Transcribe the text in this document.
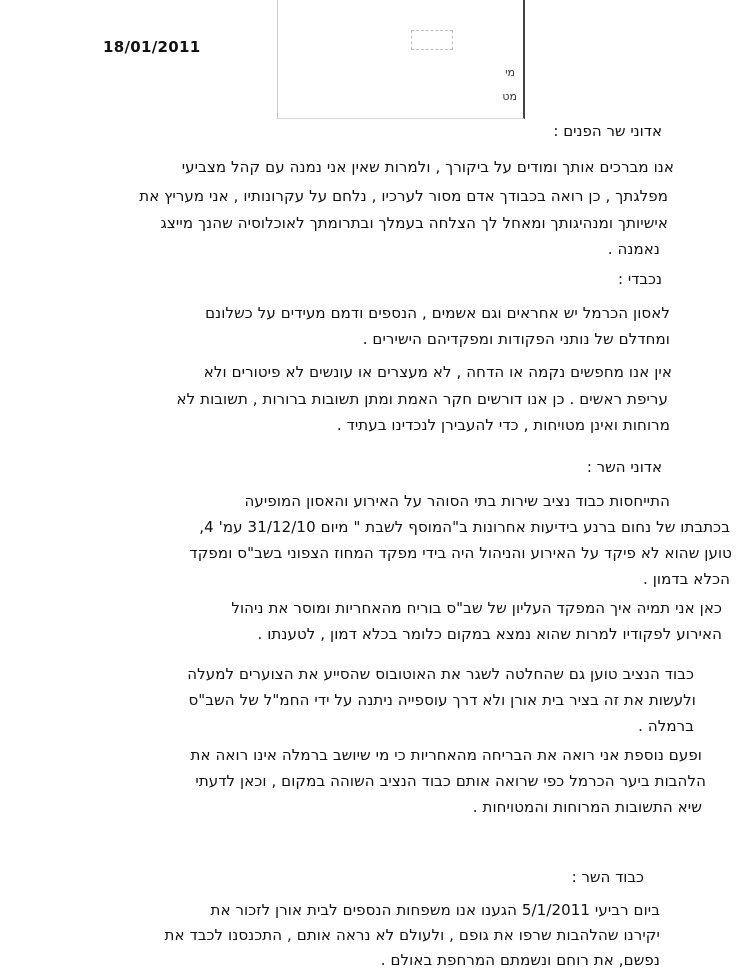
מי
מט
18/01/2011
אדוני שר הפנים :
אנו מברכים אותך ומודים על ביקורך , ולמרות שאין אני נמנה עם קהל מצביעי
מפלגתך , כן רואה בכבודך אדם מסור לערכיו , נלחם על עקרונותיו , אני מעריץ את
אישיותך ומנהיגותך ומאחל לך הצלחה בעמלך ובתרומתך לאוכלוסיה שהנך מייצג
נאמנה .
נכבדי :
לאסון הכרמל יש אחראים וגם אשמים , הנספים ודמם מעידים על כשלונם
ומחדלם של נותני הפקודות ומפקדיהם הישירים .
אין אנו מחפשים נקמה או הדחה , לא מעצרים או עונשים לא פיטורים ולא
עריפת ראשים . כן אנו דורשים חקר האמת ומתן תשובות ברורות , תשובות לא
מרוחות ואינן מטויחות , כדי להעבירן לנכדינו בעתיד .
אדוני השר :
התייחסות כבוד נציב שירות בתי הסוהר על האירוע והאסון המופיעה
בכתבתו של נחום ברנע בידיעות אחרונות ב"המוסף לשבת " מיום 31/12/10 עמ' 4,
טוען שהוא לא פיקד על האירוע והניהול היה בידי מפקד המחוז הצפוני בשב"ס ומפקד
הכלא בדמון .
כאן אני תמיה איך המפקד העליון של שב"ס בוריח מהאחריות ומוסר את ניהול
האירוע לפקודיו למרות שהוא נמצא במקום כלומר בכלא דמון , לטענתו .
כבוד הנציב טוען גם שהחלטה לשגר את האוטובוס שהסייע את הצוערים למעלה
ולעשות את זה בציר בית אורן ולא דרך עוספייה ניתנה על ידי החמ"ל של השב"ס
ברמלה .
ופעם נוספת אני רואה את הבריחה מהאחריות כי מי שיושב ברמלה אינו רואה את
הלהבות ביער הכרמל כפי שרואה אותם כבוד הנציב השוהה במקום , וכאן לדעתי
שיא התשובות המרוחות והמטויחות .
כבוד השר :
ביום רביעי 5/1/2011 הגענו אנו משפחות הנספים לבית אורן לזכור את
יקירנו שהלהבות שרפו את גופם , ולעולם לא נראה אותם , התכנסנו לכבד את
נפשם, את רוחם ונשמתם המרחפת באולם .
